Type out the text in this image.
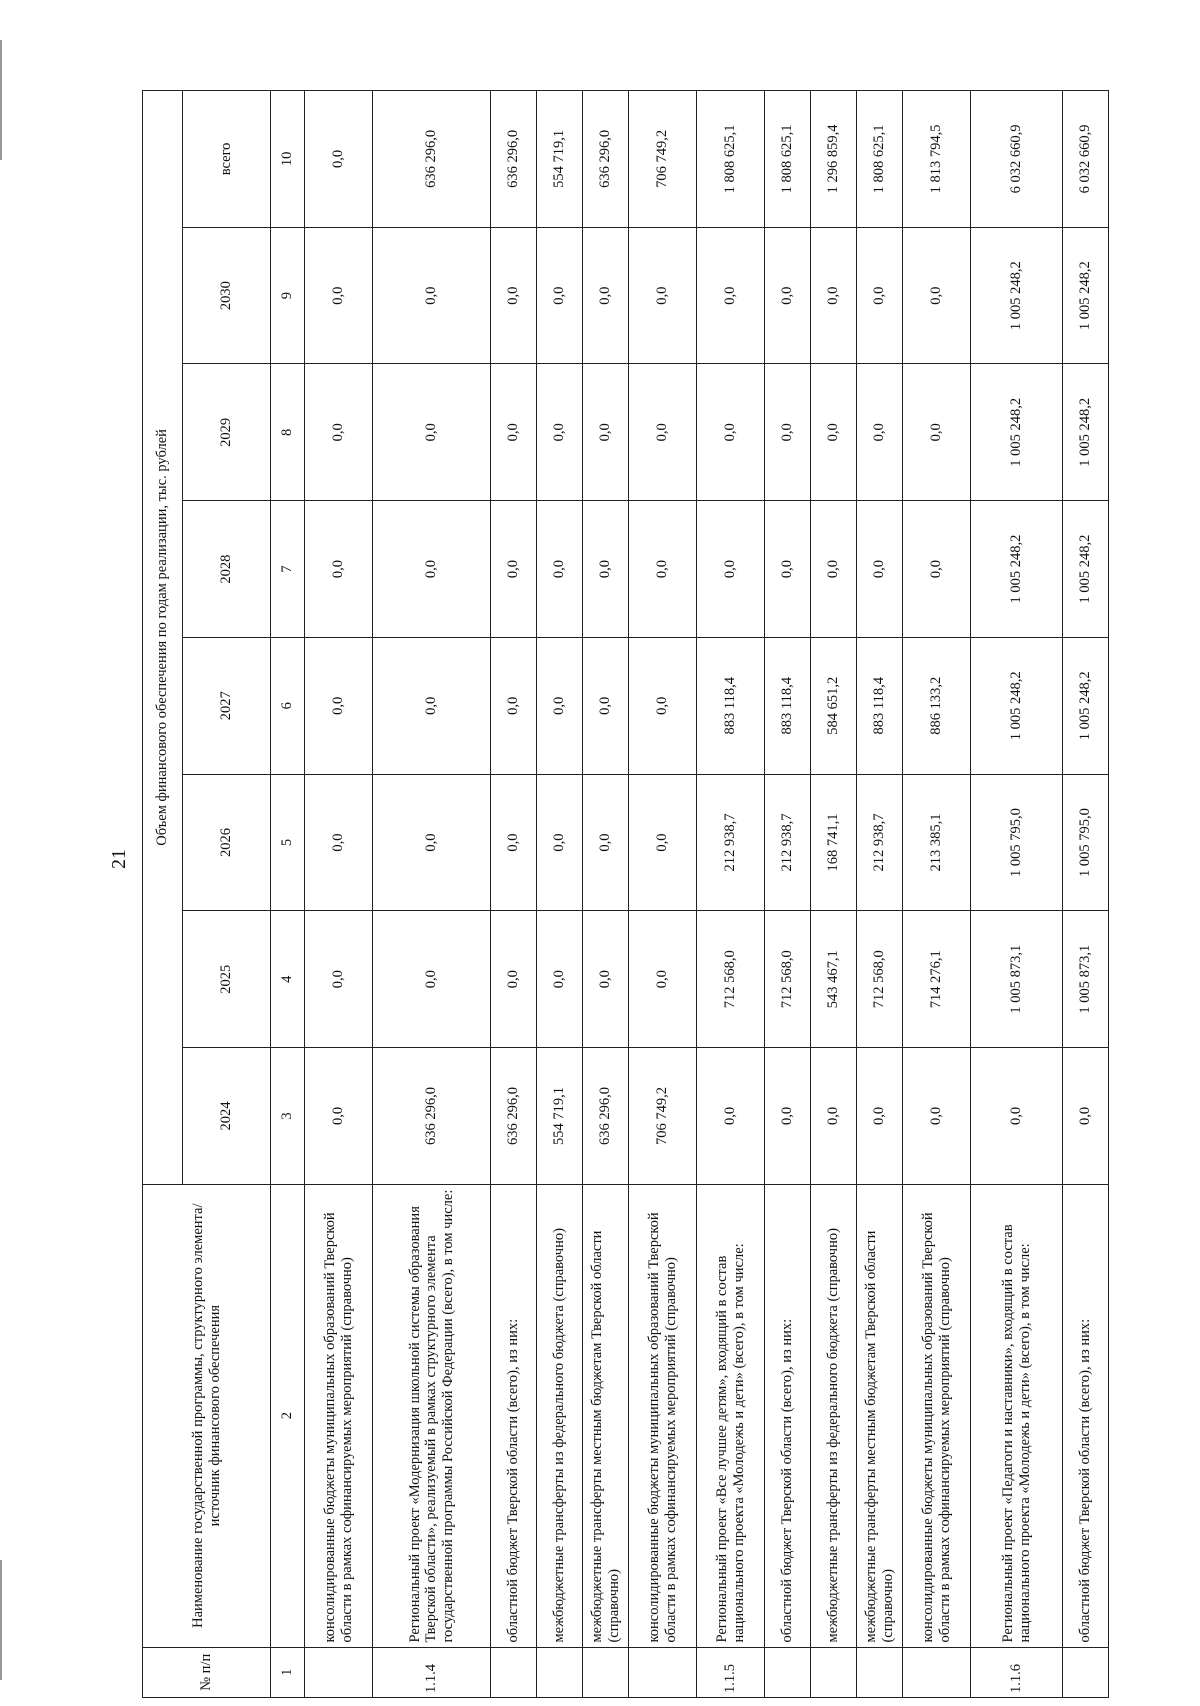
21
№ п/п	Наименование государственной программы, структурного элемента/источник финансового обеспечения	Объем финансового обеспечения по годам реализации, тыс. рублей							
		2024	2025	2026	2027	2028	2029	2030	всего
1	2	3	4	5	6	7	8	9	10
	консолидированные бюджеты муниципальных образований Тверской области в рамках софинансируемых мероприятий (справочно)	0,0	0,0	0,0	0,0	0,0	0,0	0,0	0,0
1.1.4	Региональный проект «Модернизация школьной системы образования Тверской области», реализуемый в рамках структурного элемента государственной программы Российской Федерации (всего), в том числе:	636 296,0	0,0	0,0	0,0	0,0	0,0	0,0	636 296,0
	областной бюджет Тверской области (всего), из них:	636 296,0	0,0	0,0	0,0	0,0	0,0	0,0	636 296,0
	межбюджетные трансферты из федерального бюджета (справочно)	554 719,1	0,0	0,0	0,0	0,0	0,0	0,0	554 719,1
	межбюджетные трансферты местным бюджетам Тверской области (справочно)	636 296,0	0,0	0,0	0,0	0,0	0,0	0,0	636 296,0
	консолидированные бюджеты муниципальных образований Тверской области в рамках софинансируемых мероприятий (справочно)	706 749,2	0,0	0,0	0,0	0,0	0,0	0,0	706 749,2
1.1.5	Региональный проект «Все лучшее детям», входящий в состав национального проекта «Молодежь и дети» (всего), в том числе:	0,0	712 568,0	212 938,7	883 118,4	0,0	0,0	0,0	1 808 625,1
	областной бюджет Тверской области (всего), из них:	0,0	712 568,0	212 938,7	883 118,4	0,0	0,0	0,0	1 808 625,1
	межбюджетные трансферты из федерального бюджета (справочно)	0,0	543 467,1	168 741,1	584 651,2	0,0	0,0	0,0	1 296 859,4
	межбюджетные трансферты местным бюджетам Тверской области (справочно)	0,0	712 568,0	212 938,7	883 118,4	0,0	0,0	0,0	1 808 625,1
	консолидированные бюджеты муниципальных образований Тверской области в рамках софинансируемых мероприятий (справочно)	0,0	714 276,1	213 385,1	886 133,2	0,0	0,0	0,0	1 813 794,5
1.1.6	Региональный проект «Педагоги и наставники», входящий в состав национального проекта «Молодежь и дети» (всего), в том числе:	0,0	1 005 873,1	1 005 795,0	1 005 248,2	1 005 248,2	1 005 248,2	1 005 248,2	6 032 660,9
	областной бюджет Тверской области (всего), из них:	0,0	1 005 873,1	1 005 795,0	1 005 248,2	1 005 248,2	1 005 248,2	1 005 248,2	6 032 660,9
